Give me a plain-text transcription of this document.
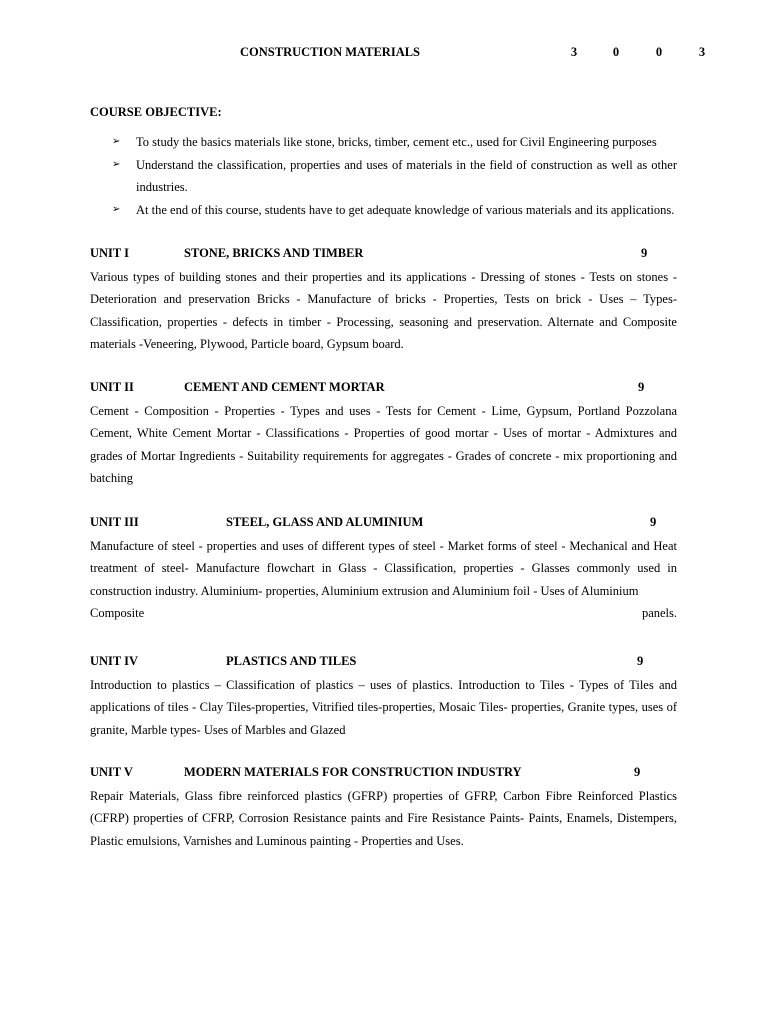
CONSTRUCTION MATERIALS	3	0	0	3
COURSE OBJECTIVE:
➢ To study the basics materials like stone, bricks, timber, cement etc., used for Civil Engineering purposes
➢ Understand the classification, properties and uses of materials in the field of construction as well as other industries.
➢ At the end of this course, students have to get adequate knowledge of various materials and its applications.
UNIT I	STONE, BRICKS AND TIMBER	9

Various types of building stones and their properties and its applications - Dressing of stones - Tests on stones - Deterioration and preservation Bricks - Manufacture of bricks - Properties, Tests on brick - Uses – Types- Classification, properties - defects in timber - Processing, seasoning and preservation. Alternate and Composite materials -Veneering, Plywood, Particle board, Gypsum board.

UNIT II	CEMENT AND CEMENT MORTAR	9

Cement - Composition - Properties - Types and uses - Tests for Cement - Lime, Gypsum, Portland Pozzolana Cement, White Cement Mortar - Classifications - Properties of good mortar - Uses of mortar - Admixtures and grades of Mortar Ingredients - Suitability requirements for aggregates - Grades of concrete - mix proportioning and batching

UNIT III	STEEL, GLASS AND ALUMINIUM	9

Manufacture of steel - properties and uses of different types of steel - Market forms of steel - Mechanical and Heat treatment of steel- Manufacture flowchart in Glass - Classification, properties - Glasses commonly used in construction industry. Aluminium- properties, Aluminium extrusion and Aluminium foil - Uses of Aluminium

Composite	panels.
UNIT IV	PLASTICS AND TILES	9

Introduction to plastics – Classification of plastics – uses of plastics. Introduction to Tiles - Types of Tiles and applications of tiles - Clay Tiles-properties, Vitrified tiles-properties, Mosaic Tiles- properties, Granite types, uses of granite, Marble types- Uses of Marbles and Glazed

UNIT V	MODERN MATERIALS FOR CONSTRUCTION INDUSTRY	9

Repair Materials, Glass fibre reinforced plastics (GFRP) properties of GFRP, Carbon Fibre Reinforced Plastics (CFRP) properties of CFRP, Corrosion Resistance paints and Fire Resistance Paints- Paints, Enamels, Distempers, Plastic emulsions, Varnishes and Luminous painting - Properties and Uses.
